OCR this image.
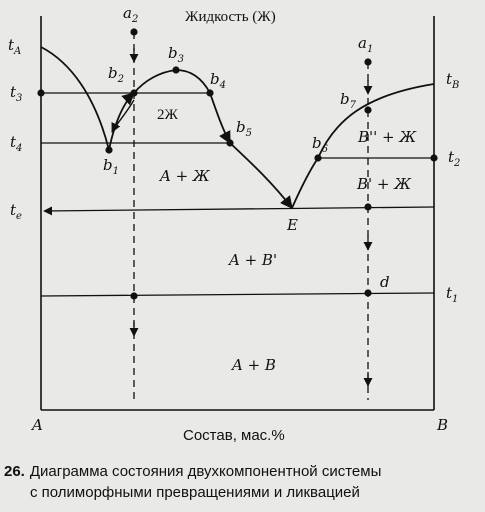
Жидкость (Ж)
$t_A$
$t_3$
$t_4$
$t_e$
$t_B$
$t_2$
$t_1$
$a_2$
$a_1$
$b_2$
$b_3$
$b_4$
$b_5$
$b_1$
$b_6$
$b_7$
E
d
2Ж
A + Ж
B'' + Ж
B' + Ж
A + B'
A + B
A	B
Состав, мас.%
26. Диаграмма состояния двухкомпонентной системы
с полиморфными превращениями и ликвацией
